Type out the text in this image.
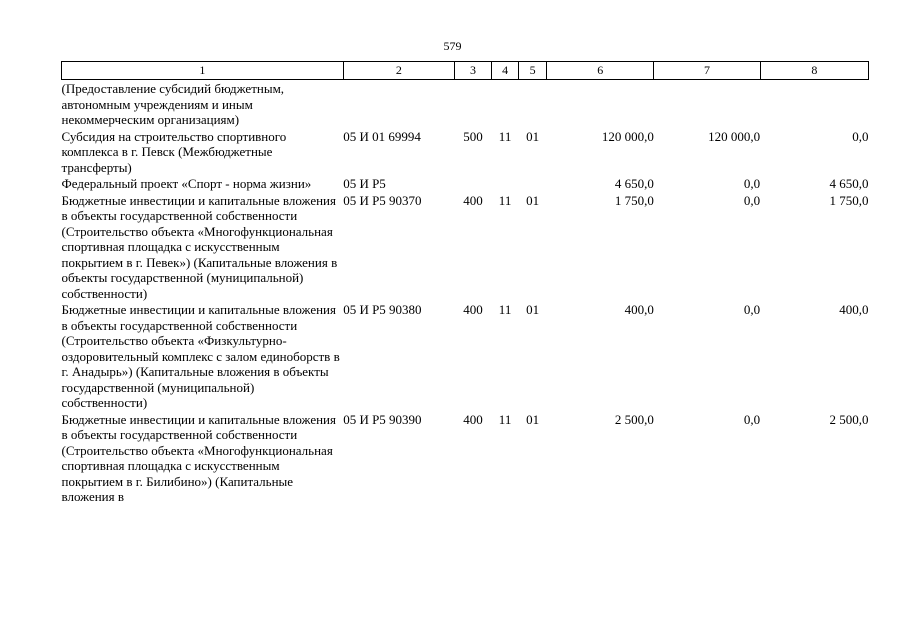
579
1	2	3	4	5	6	7	8
(Предоставление субсидий бюджетным, автономным учреждениям и иным некоммерческим организациям)							
Субсидия на строительство спортивного комплекса в г. Певск (Межбюджетные трансферты)	05 И 01 69994	500	11	01	120 000,0	120 000,0	0,0
Федеральный проект «Спорт - норма жизни»	05 И Р5				4 650,0	0,0	4 650,0
Бюджетные инвестиции и капитальные вложения в объекты государственной собственности (Строительство объекта «Многофункциональная спортивная площадка с искусственным покрытием в г. Певек») (Капитальные вложения в объекты государственной (муниципальной) собственности)	05 И Р5 90370	400	11	01	1 750,0	0,0	1 750,0
Бюджетные инвестиции и капитальные вложения в объекты государственной собственности (Строительство объекта «Физкультурно-оздоровительный комплекс с залом единоборств в г. Анадырь») (Капитальные вложения в объекты государственной (муниципальной) собственности)	05 И Р5 90380	400	11	01	400,0	0,0	400,0
Бюджетные инвестиции и капитальные вложения в объекты государственной собственности (Строительство объекта «Многофункциональная спортивная площадка с искусственным покрытием в г. Билибино») (Капитальные вложения в	05 И Р5 90390	400	11	01	2 500,0	0,0	2 500,0
